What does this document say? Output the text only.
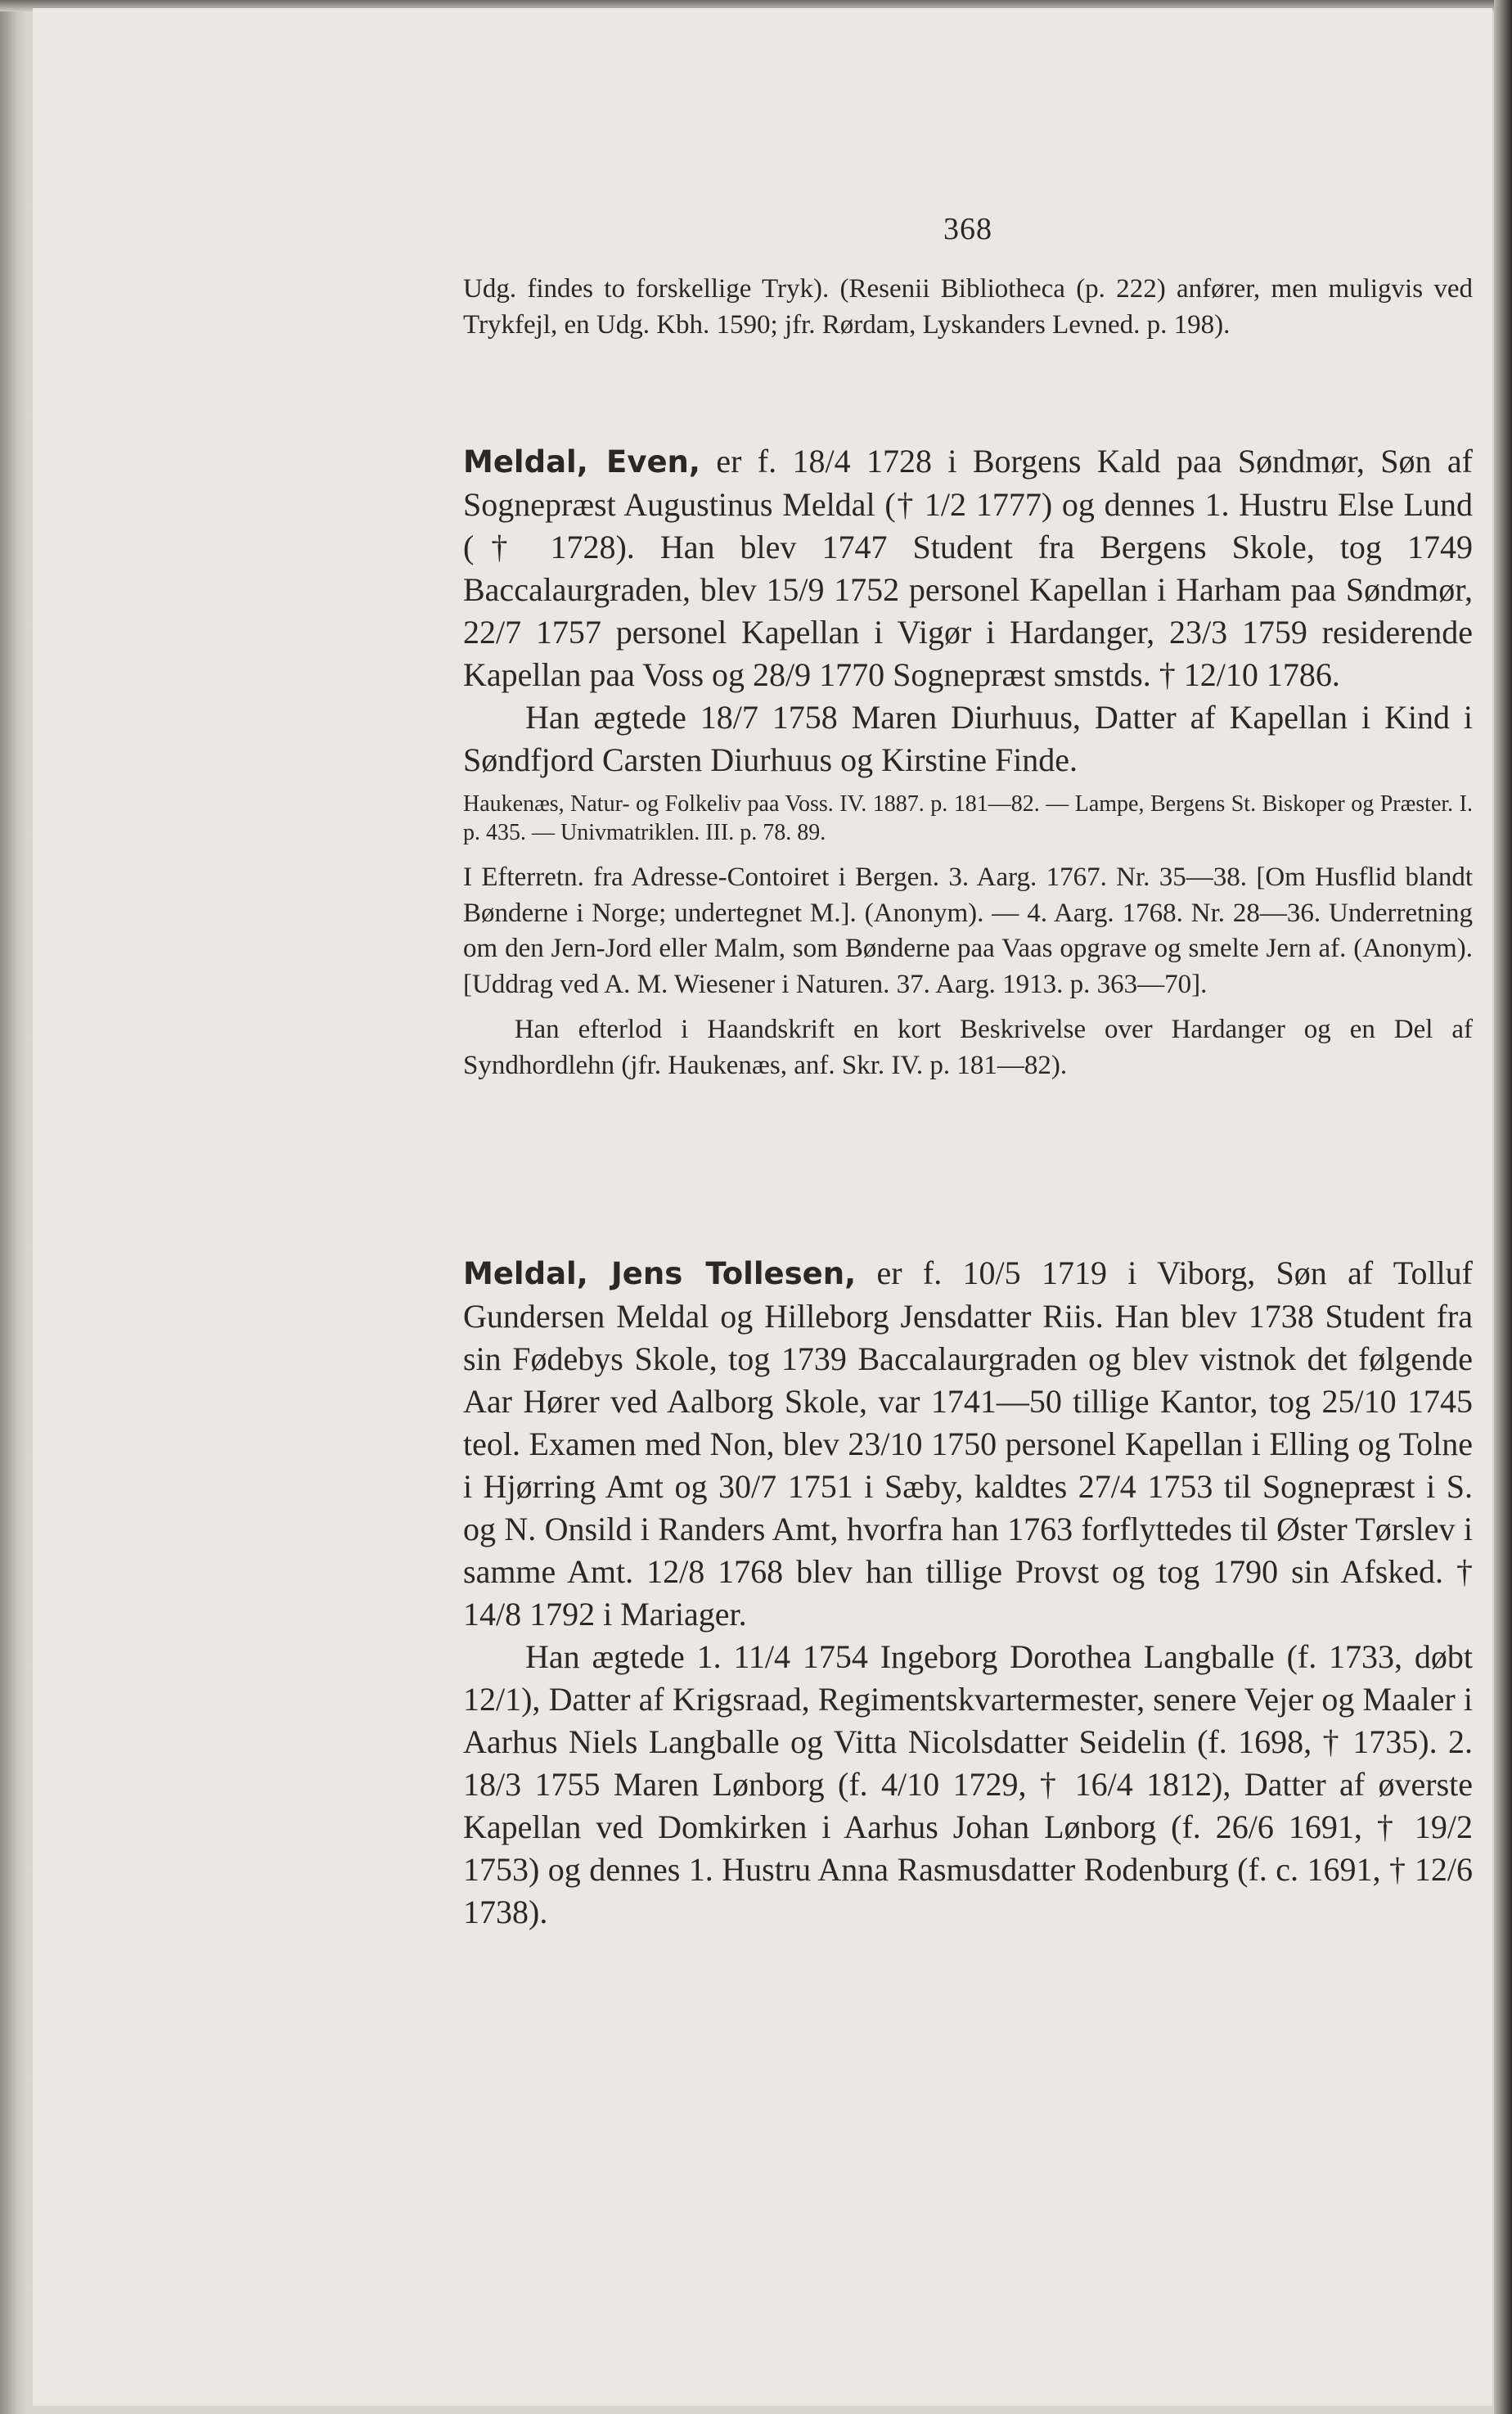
368

Udg. findes to forskellige Tryk). (Resenii Bibliotheca (p. 222) anfører, men muligvis ved Trykfejl, en Udg. Kbh. 1590; jfr. Rørdam, Lyskanders Levned. p. 198).

Meldal, Even, er f. 18/4 1728 i Borgens Kald paa Søndmør, Søn af Sognepræst Augustinus Meldal († 1/2 1777) og dennes 1. Hustru Else Lund († 1728). Han blev 1747 Student fra Bergens Skole, tog 1749 Baccalaurgraden, blev 15/9 1752 personel Kapellan i Harham paa Søndmør, 22/7 1757 personel Kapellan i Vigør i Hardanger, 23/3 1759 residerende Kapellan paa Voss og 28/9 1770 Sognepræst smstds. † 12/10 1786.

Han ægtede 18/7 1758 Maren Diurhuus, Datter af Kapellan i Kind i Søndfjord Carsten Diurhuus og Kirstine Finde.

Haukenæs, Natur- og Folkeliv paa Voss. IV. 1887. p. 181—82. — Lampe, Bergens St. Biskoper og Præster. I. p. 435. — Univmatriklen. III. p. 78. 89.

I Efterretn. fra Adresse-Contoiret i Bergen. 3. Aarg. 1767. Nr. 35—38. [Om Husflid blandt Bønderne i Norge; undertegnet M.]. (Anonym). — 4. Aarg. 1768. Nr. 28—36. Underretning om den Jern-Jord eller Malm, som Bønderne paa Vaas opgrave og smelte Jern af. (Anonym). [Uddrag ved A. M. Wiesener i Naturen. 37. Aarg. 1913. p. 363—70].

Han efterlod i Haandskrift en kort Beskrivelse over Hardanger og en Del af Syndhordlehn (jfr. Haukenæs, anf. Skr. IV. p. 181—82).

Meldal, Jens Tollesen, er f. 10/5 1719 i Viborg, Søn af Tolluf Gundersen Meldal og Hilleborg Jensdatter Riis. Han blev 1738 Student fra sin Fødebys Skole, tog 1739 Baccalaurgraden og blev vistnok det følgende Aar Hører ved Aalborg Skole, var 1741—50 tillige Kantor, tog 25/10 1745 teol. Examen med Non, blev 23/10 1750 personel Kapellan i Elling og Tolne i Hjørring Amt og 30/7 1751 i Sæby, kaldtes 27/4 1753 til Sognepræst i S. og N. Onsild i Randers Amt, hvorfra han 1763 forflyttedes til Øster Tørslev i samme Amt. 12/8 1768 blev han tillige Provst og tog 1790 sin Afsked. † 14/8 1792 i Mariager.

Han ægtede 1. 11/4 1754 Ingeborg Dorothea Langballe (f. 1733, døbt 12/1), Datter af Krigsraad, Regimentskvartermester, senere Vejer og Maaler i Aarhus Niels Langballe og Vitta Nicolsdatter Seidelin (f. 1698, † 1735). 2. 18/3 1755 Maren Lønborg (f. 4/10 1729, † 16/4 1812), Datter af øverste Kapellan ved Domkirken i Aarhus Johan Lønborg (f. 26/6 1691, † 19/2 1753) og dennes 1. Hustru Anna Rasmusdatter Rodenburg (f. c. 1691, † 12/6 1738).
